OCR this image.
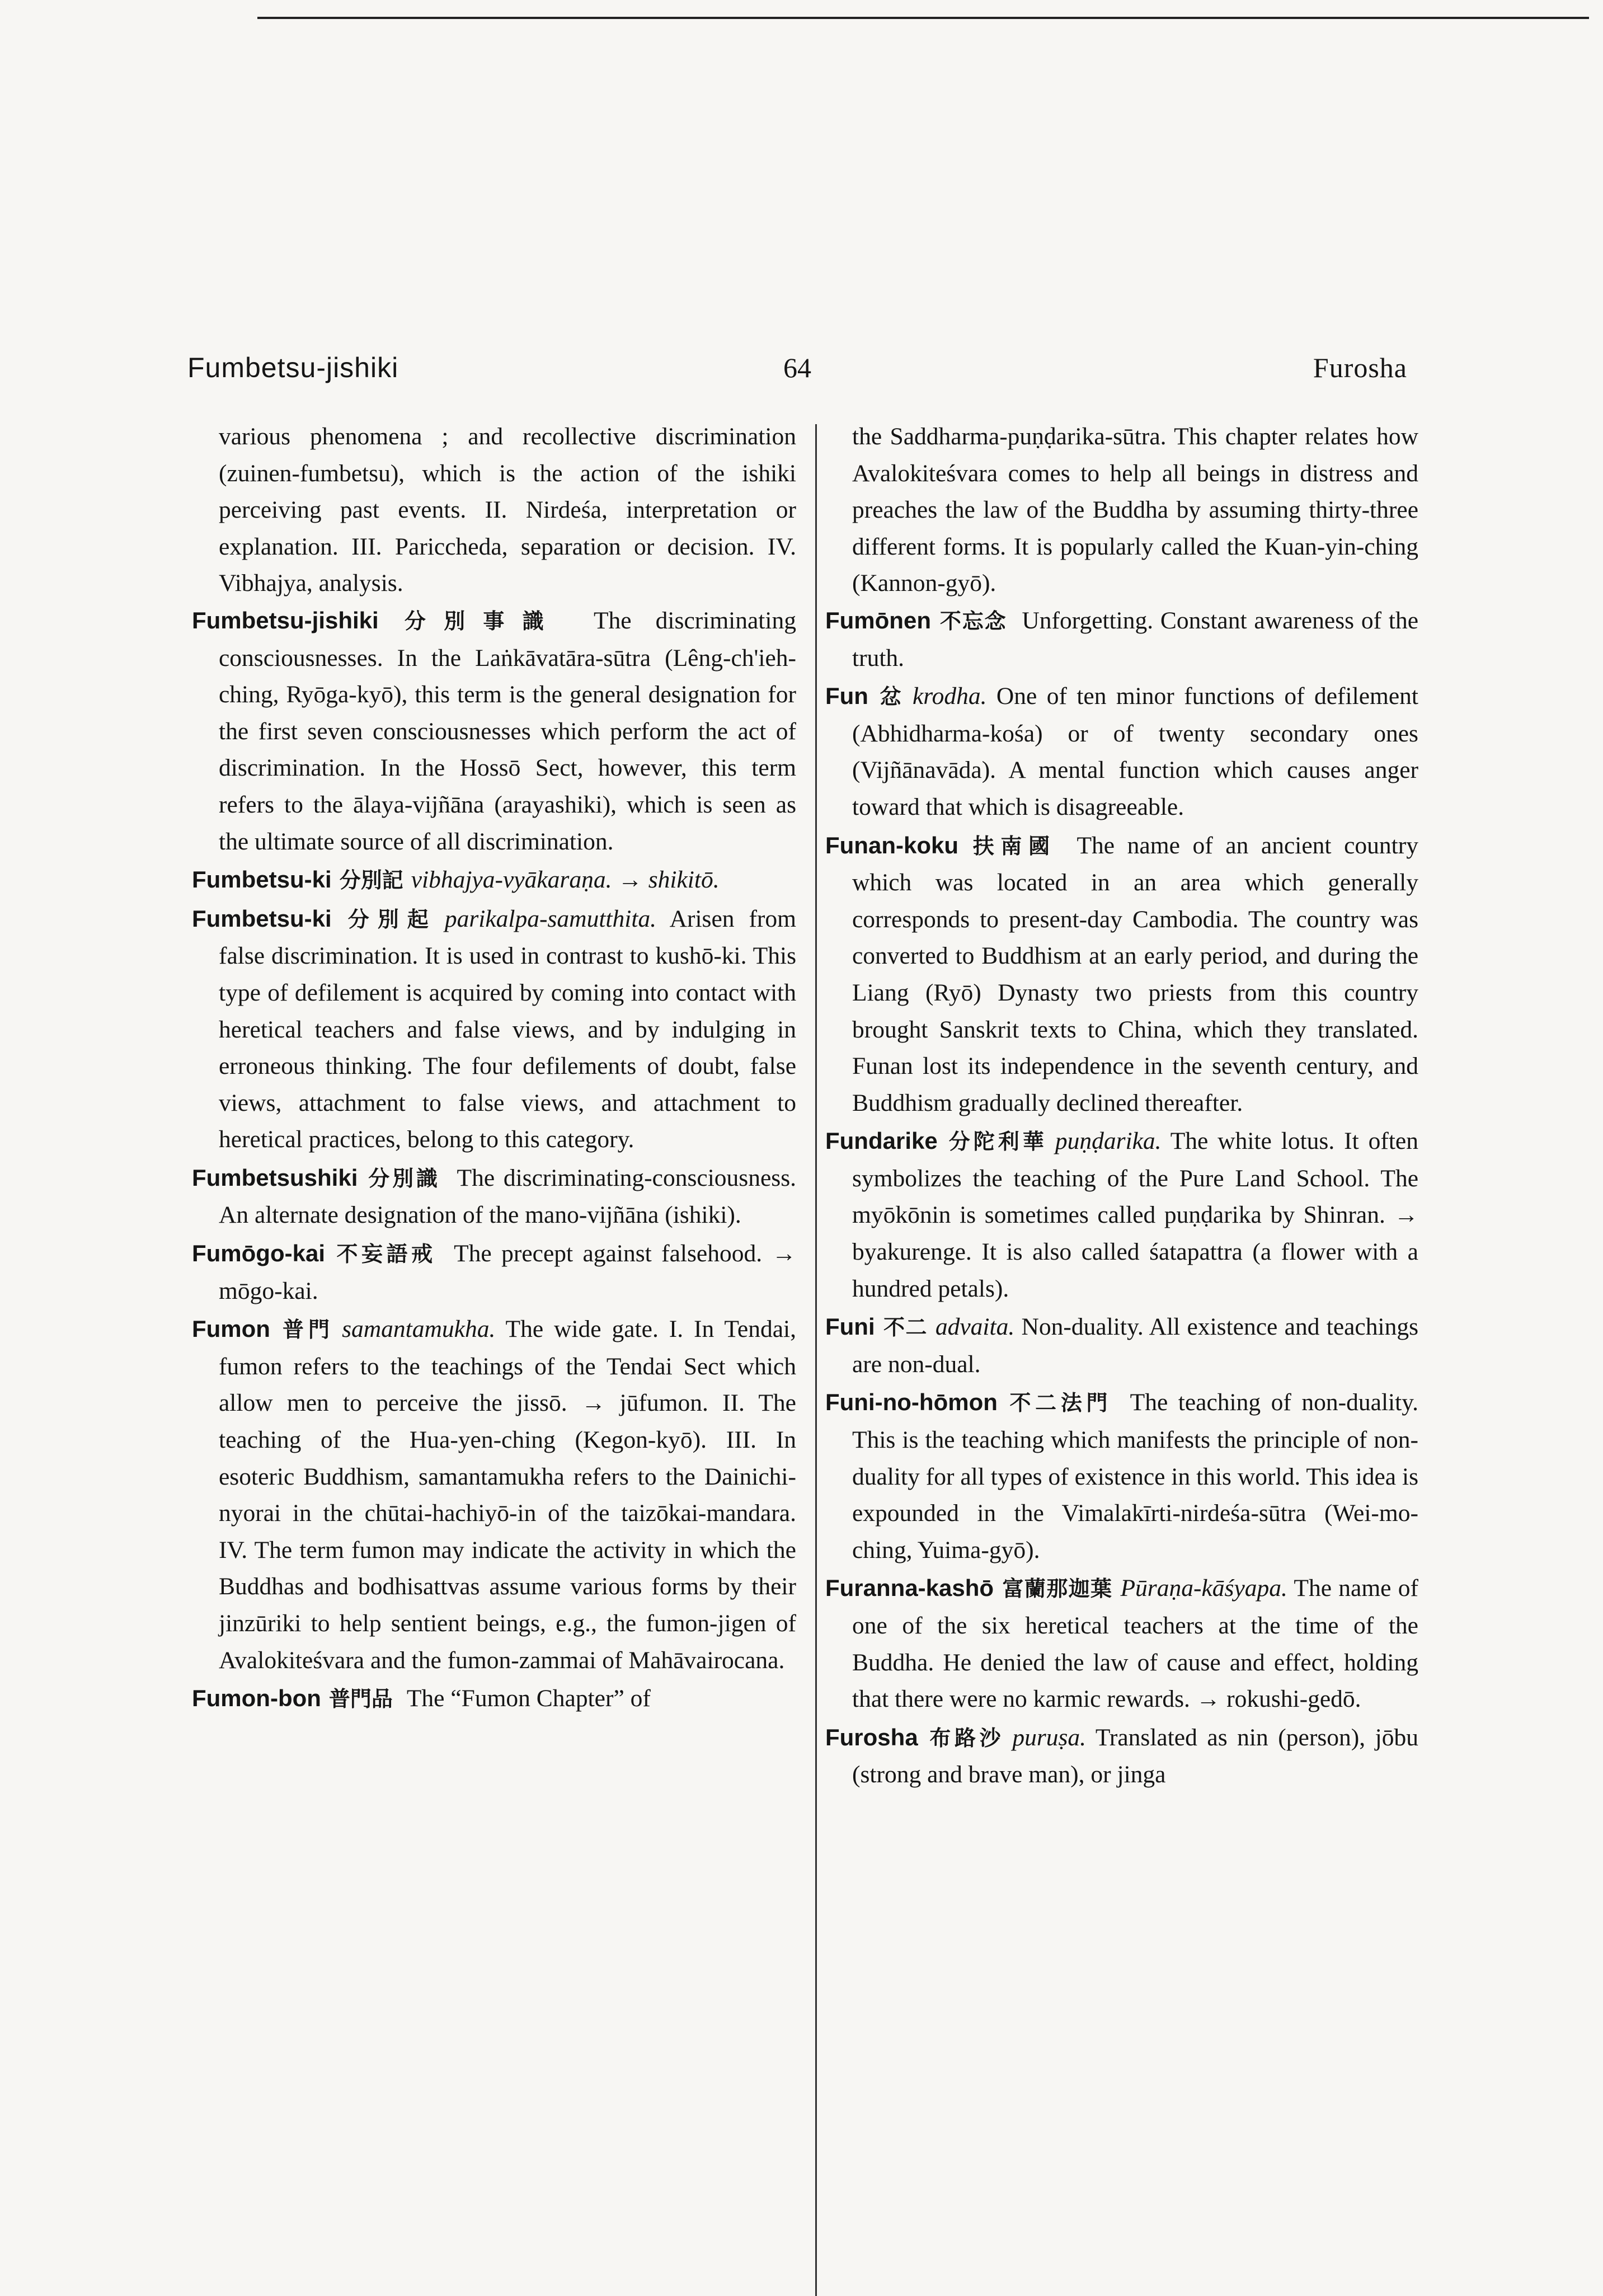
Fumbetsu-jishiki	64	Furosha
various phenomena ; and recollective discrimination (zuinen-fumbetsu), which is the action of the ishiki perceiving past events. II. Nirdeśa, interpretation or explanation. III. Paricchеda, separation or decision. IV. Vibhajya, analysis.
Fumbetsu-jishiki 分別事識 The discriminating consciousnesses. In the Laṅkāvatāra-sūtra (Lêng-ch'ieh-ching, Ryōga-kyō), this term is the general designation for the first seven consciousnesses which perform the act of discrimination. In the Hossō Sect, however, this term refers to the ālaya-vijñāna (arayashiki), which is seen as the ultimate source of all discrimination.
Fumbetsu-ki 分別記 vibhajya-vyākaraṇa. → shikitō.
Fumbetsu-ki 分別起 parikalpa-samutthita. Arisen from false discrimination. It is used in contrast to kushō-ki. This type of defilement is acquired by coming into contact with heretical teachers and false views, and by indulging in erroneous thinking. The four defilements of doubt, false views, attachment to false views, and attachment to heretical practices, belong to this category.
Fumbetsushiki 分別識 The discriminating-consciousness. An alternate designation of the mano-vijñāna (ishiki).
Fumōgo-kai 不妄語戒 The precept against falsehood. → mōgo-kai.
Fumon 普門 samantamukha. The wide gate. I. In Tendai, fumon refers to the teachings of the Tendai Sect which allow men to perceive the jissō. → jūfumon. II. The teaching of the Hua-yen-ching (Kegon-kyō). III. In esoteric Buddhism, samantamukha refers to the Dainichi-nyorai in the chūtai-hachiyō-in of the taizōkai-mandara. IV. The term fumon may indicate the activity in which the Buddhas and bodhisattvas assume various forms by their jinzūriki to help sentient beings, e.g., the fumon-jigen of Avalokiteśvara and the fumon-zammai of Mahāvairocana.
Fumon-bon 普門品 The “Fumon Chapter” of
the Saddharma-puṇḍarika-sūtra. This chapter relates how Avalokiteśvara comes to help all beings in distress and preaches the law of the Buddha by assuming thirty-three different forms. It is popularly called the Kuan-yin-ching (Kannon-gyō).
Fumōnen 不忘念 Unforgetting. Constant awareness of the truth.
Fun 忿 krodha. One of ten minor functions of defilement (Abhidharma-kośa) or of twenty secondary ones (Vijñānavāda). A mental function which causes anger toward that which is disagreeable.
Funan-koku 扶南國 The name of an ancient country which was located in an area which generally corresponds to present-day Cambodia. The country was converted to Buddhism at an early period, and during the Liang (Ryō) Dynasty two priests from this country brought Sanskrit texts to China, which they translated. Funan lost its independence in the seventh century, and Buddhism gradually declined thereafter.
Fundarike 分陀利華 puṇḍarika. The white lotus. It often symbolizes the teaching of the Pure Land School. The myōkōnin is sometimes called puṇḍarika by Shinran. → byakurenge. It is also called śatapattra (a flower with a hundred petals).
Funi 不二 advaita. Non-duality. All existence and teachings are non-dual.
Funi-no-hōmon 不二法門 The teaching of non-duality. This is the teaching which manifests the principle of non-duality for all types of existence in this world. This idea is expounded in the Vimalakīrti-nirdeśa-sūtra (Wei-mo-ching, Yuima-gyō).
Furanna-kashō 富蘭那迦葉 Pūraṇa-kāśyapa. The name of one of the six heretical teachers at the time of the Buddha. He denied the law of cause and effect, holding that there were no karmic rewards. → rokushi-gedō.
Furosha 布路沙 puruṣa. Translated as nin (person), jōbu (strong and brave man), or jinga
